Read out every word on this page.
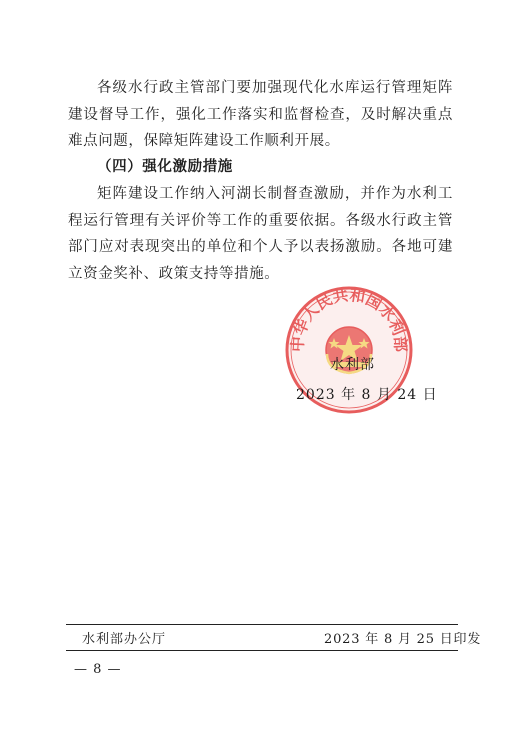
各级水行政主管部门要加强现代化水库运行管理矩阵建设督导工作，强化工作落实和监督检查，及时解决重点难点问题，保障矩阵建设工作顺利开展。

（四）强化激励措施

矩阵建设工作纳入河湖长制督查激励，并作为水利工程运行管理有关评价等工作的重要依据。各级水行政主管部门应对表现突出的单位和个人予以表扬激励。各地可建立资金奖补、政策支持等措施。

中华人民共和国水利部
水利部
2023 年 8 月 24 日
水利部办公厅	2023 年 8 月 25 日印发
— 8 —
